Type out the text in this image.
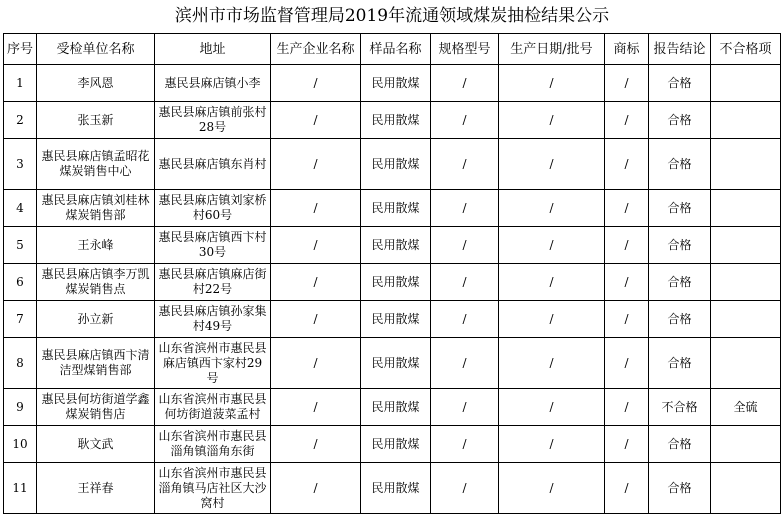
滨州市市场监督管理局2019年流通领域煤炭抽检结果公示
序号	受检单位名称	地址	生产企业名称	样品名称	规格型号	生产日期/批号	商标	报告结论	不合格项
1	李风恩	惠民县麻店镇小李	/	民用散煤	/	/	/	合格	
2	张玉新	惠民县麻店镇前张村28号	/	民用散煤	/	/	/	合格	
3	惠民县麻店镇孟昭花煤炭销售中心	惠民县麻店镇东肖村	/	民用散煤	/	/	/	合格	
4	惠民县麻店镇刘桂林煤炭销售部	惠民县麻店镇刘家桥村60号	/	民用散煤	/	/	/	合格	
5	王永峰	惠民县麻店镇西卞村30号	/	民用散煤	/	/	/	合格	
6	惠民县麻店镇李万凯煤炭销售点	惠民县麻店镇麻店街村22号	/	民用散煤	/	/	/	合格	
7	孙立新	惠民县麻店镇孙家集村49号	/	民用散煤	/	/	/	合格	
8	惠民县麻店镇西卞清洁型煤销售部	山东省滨州市惠民县麻店镇西卞家村29号	/	民用散煤	/	/	/	合格	
9	惠民县何坊街道学鑫煤炭销售店	山东省滨州市惠民县何坊街道菠菜孟村	/	民用散煤	/	/	/	不合格	全硫
10	耿文武	山东省滨州市惠民县淄角镇淄角东街	/	民用散煤	/	/	/	合格	
11	王祥春	山东省滨州市惠民县淄角镇马店社区大沙窝村	/	民用散煤	/	/	/	合格	
